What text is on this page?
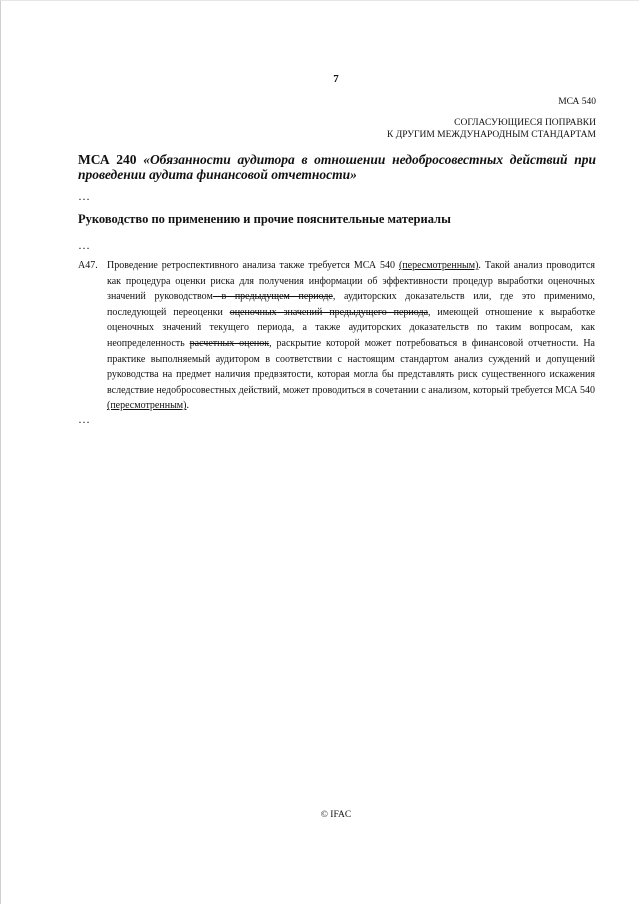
7
МСА 540
СОГЛАСУЮЩИЕСЯ ПОПРАВКИ
К ДРУГИМ МЕЖДУНАРОДНЫМ СТАНДАРТАМ
МСА 240 «Обязанности аудитора в отношении недобросовестных действий при проведении аудита финансовой отчетности»
…
Руководство по применению и прочие пояснительные материалы
…
A47. Проведение ретроспективного анализа также требуется МСА 540 (пересмотренным). Такой анализ проводится как процедура оценки риска для получения информации об эффективности процедур выработки оценочных значений руководством в предыдущем периоде, аудиторских доказательств или, где это применимо, последующей переоценки оценочных значений предыдущего периода, имеющей отношение к выработке оценочных значений текущего периода, а также аудиторских доказательств по таким вопросам, как неопределенность расчетных оценок, раскрытие которой может потребоваться в финансовой отчетности. На практике выполняемый аудитором в соответствии с настоящим стандартом анализ суждений и допущений руководства на предмет наличия предвзятости, которая могла бы представлять риск существенного искажения вследствие недобросовестных действий, может проводиться в сочетании с анализом, который требуется МСА 540 (пересмотренным).
…
© IFAC
